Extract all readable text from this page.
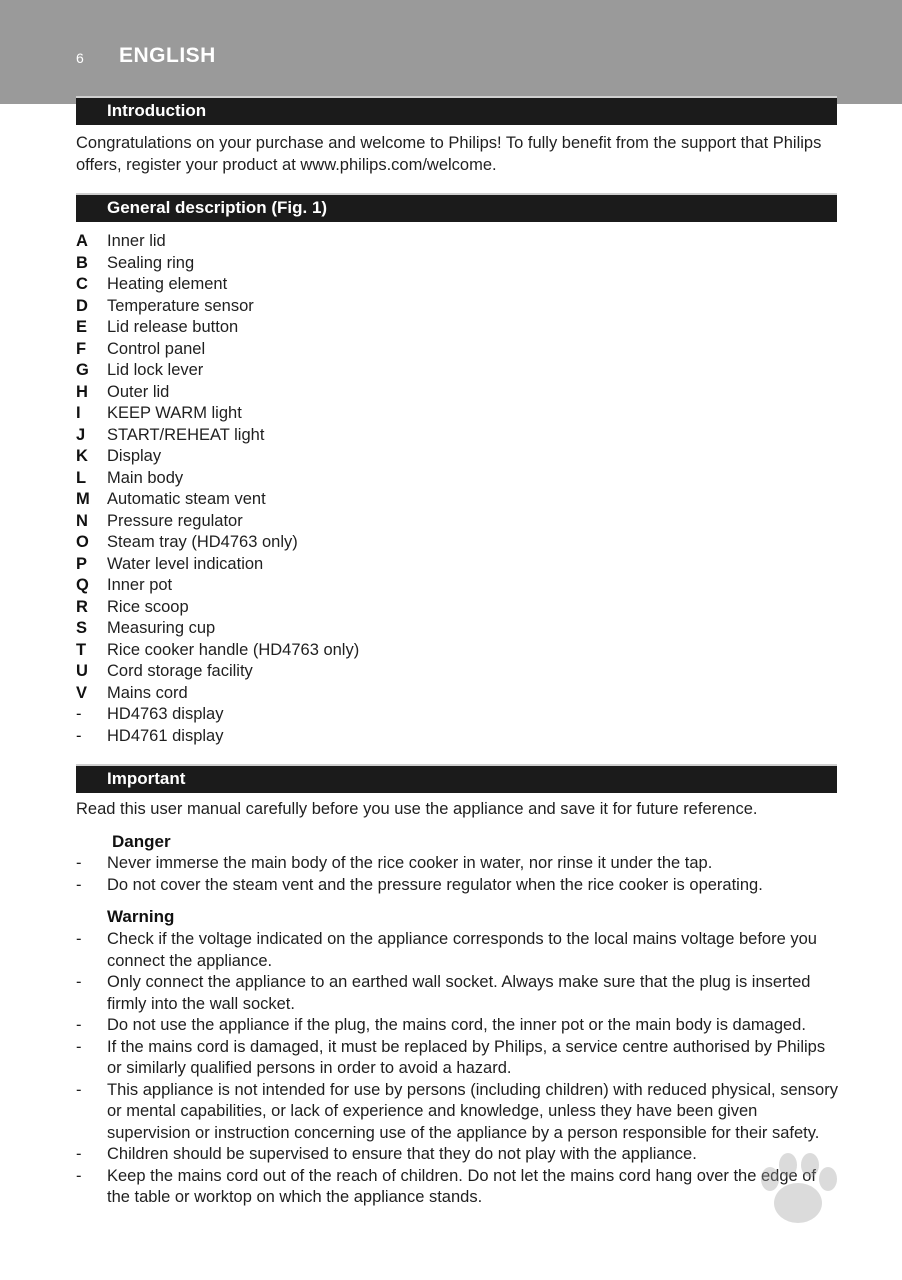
6 ENGLISH
Introduction
Congratulations on your purchase and welcome to Philips! To fully benefit from the support that Philips offers, register your product at www.philips.com/welcome.
General description (Fig. 1)
A	Inner lid
B	Sealing ring
C	Heating element
D	Temperature sensor
E	Lid release button
F	Control panel
G	Lid lock lever
H	Outer lid
I	KEEP WARM light
J	START/REHEAT light
K	Display
L	Main body
M	Automatic steam vent
N	Pressure regulator
O	Steam tray (HD4763 only)
P	Water level indication
Q	Inner pot
R	Rice scoop
S	Measuring cup
T	Rice cooker handle (HD4763 only)
U	Cord storage facility
V	Mains cord
-	HD4763 display
-	HD4761 display
Important
Read this user manual carefully before you use the appliance and save it for future reference.
Danger
- Never immerse the main body of the rice cooker in water, nor rinse it under the tap.
- Do not cover the steam vent and the pressure regulator when the rice cooker is operating.
Warning
- Check if the voltage indicated on the appliance corresponds to the local mains voltage before you connect the appliance.
- Only connect the appliance to an earthed wall socket. Always make sure that the plug is inserted firmly into the wall socket.
- Do not use the appliance if the plug, the mains cord, the inner pot or the main body is damaged.
- If the mains cord is damaged, it must be replaced by Philips, a service centre authorised by Philips or similarly qualified persons in order to avoid a hazard.
- This appliance is not intended for use by persons (including children) with reduced physical, sensory or mental capabilities, or lack of experience and knowledge, unless they have been given supervision or instruction concerning use of the appliance by a person responsible for their safety.
- Children should be supervised to ensure that they do not play with the appliance.
- Keep the mains cord out of the reach of children. Do not let the mains cord hang over the edge of the table or worktop on which the appliance stands.
